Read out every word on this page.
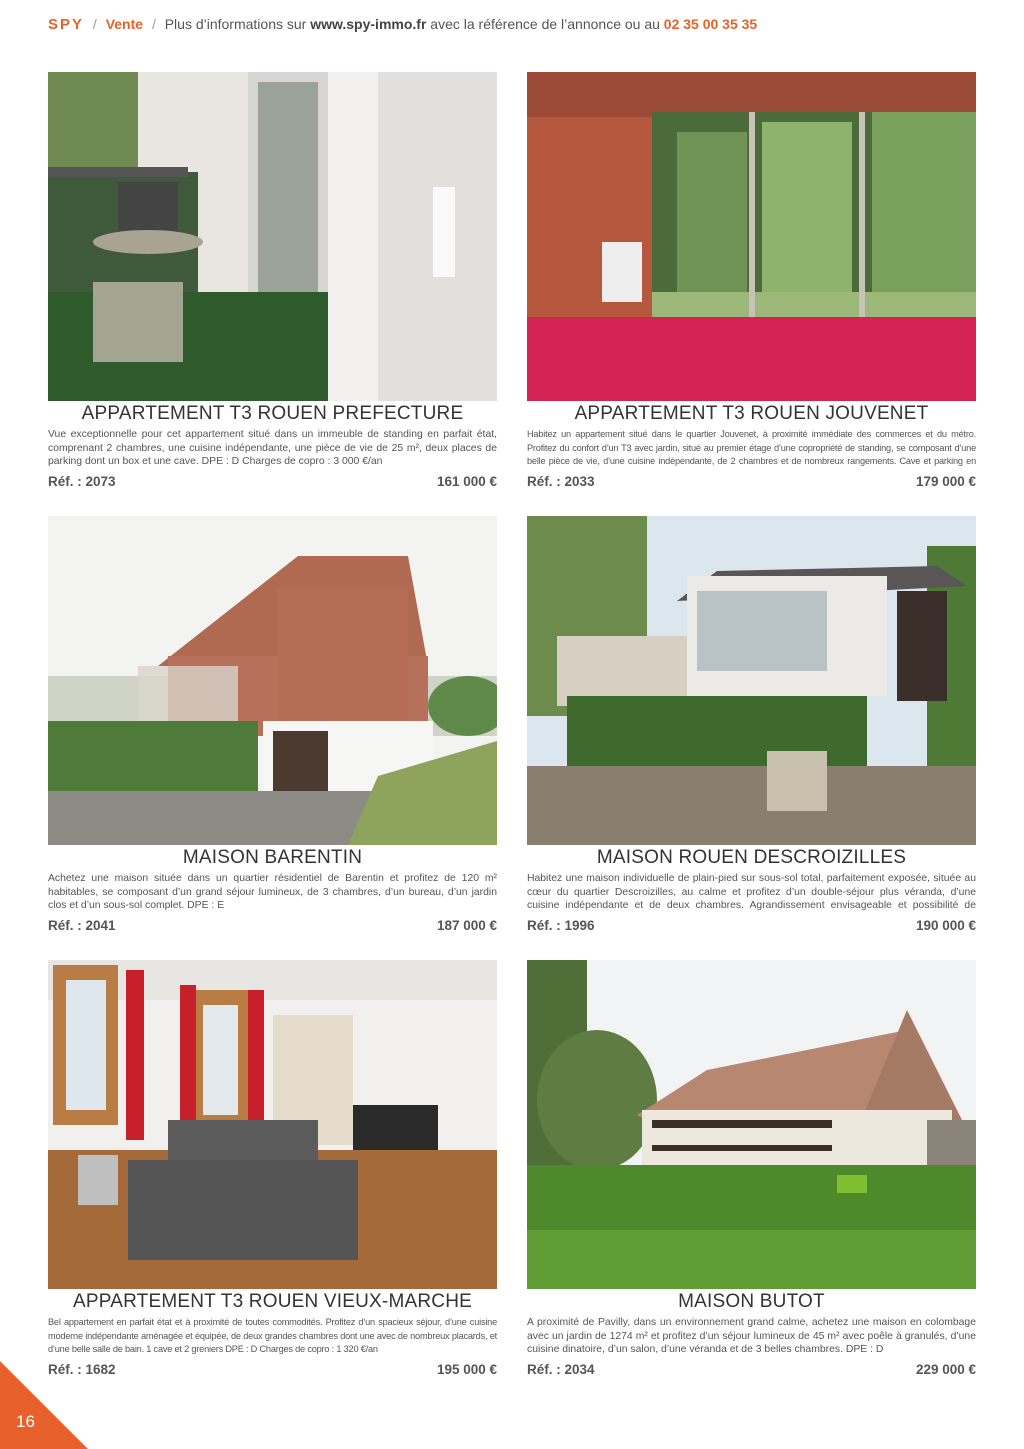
SPY / Vente / Plus d’informations sur www.spy-immo.fr avec la référence de l’annonce ou au 02 35 00 35 35
APPARTEMENT T3 ROUEN PREFECTURE
Vue exceptionnelle pour cet appartement situé dans un immeuble de standing en parfait état, comprenant 2 chambres, une cuisine indépendante, une pièce de vie de 25 m², deux places de parking dont un box et une cave. DPE : D Charges de copro : 3 000 €/an
Réf. : 2073	161 000 €
APPARTEMENT T3 ROUEN JOUVENET
Habitez un appartement situé dans le quartier Jouvenet, à proximité immédiate des commerces et du métro. Profitez du confort d’un T3 avec jardin, situé au premier étage d’une copropriété de standing, se composant d’une belle pièce de vie, d’une cuisine indépendante, de 2 chambres et de nombreux rangements. Cave et parking en
Réf. : 2033	179 000 €
MAISON BARENTIN
Achetez une maison située dans un quartier résidentiel de Barentin et profitez de 120 m² habitables, se composant d’un grand séjour lumineux, de 3 chambres, d’un bureau, d’un jardin clos et d’un sous-sol complet. DPE : E
Réf. : 2041	187 000 €
MAISON ROUEN DESCROIZILLES
Habitez une maison individuelle de plain-pied sur sous-sol total, parfaitement exposée, située au cœur du quartier Descroizilles, au calme et profitez d’un double-séjour plus véranda, d’une cuisine indépendante et de deux chambres. Agrandissement envisageable et possibilité de
Réf. : 1996	190 000 €
APPARTEMENT T3 ROUEN VIEUX-MARCHE
Bel appartement en parfait état et à proximité de toutes commodités. Profitez d’un spacieux séjour, d’une cuisine moderne indépendante aménagée et équipée, de deux grandes chambres dont une avec de nombreux placards, et d’une belle salle de bain. 1 cave et 2 greniers DPE : D Charges de copro : 1 320 €/an
Réf. : 1682	195 000 €
MAISON BUTOT
A proximité de Pavilly, dans un environnement grand calme, achetez une maison en colombage avec un jardin de 1274 m² et profitez d’un séjour lumineux de 45 m² avec poêle à granulés, d’une cuisine dinatoire, d’un salon, d’une véranda et de 3 belles chambres. DPE : D
Réf. : 2034	229 000 €
16
